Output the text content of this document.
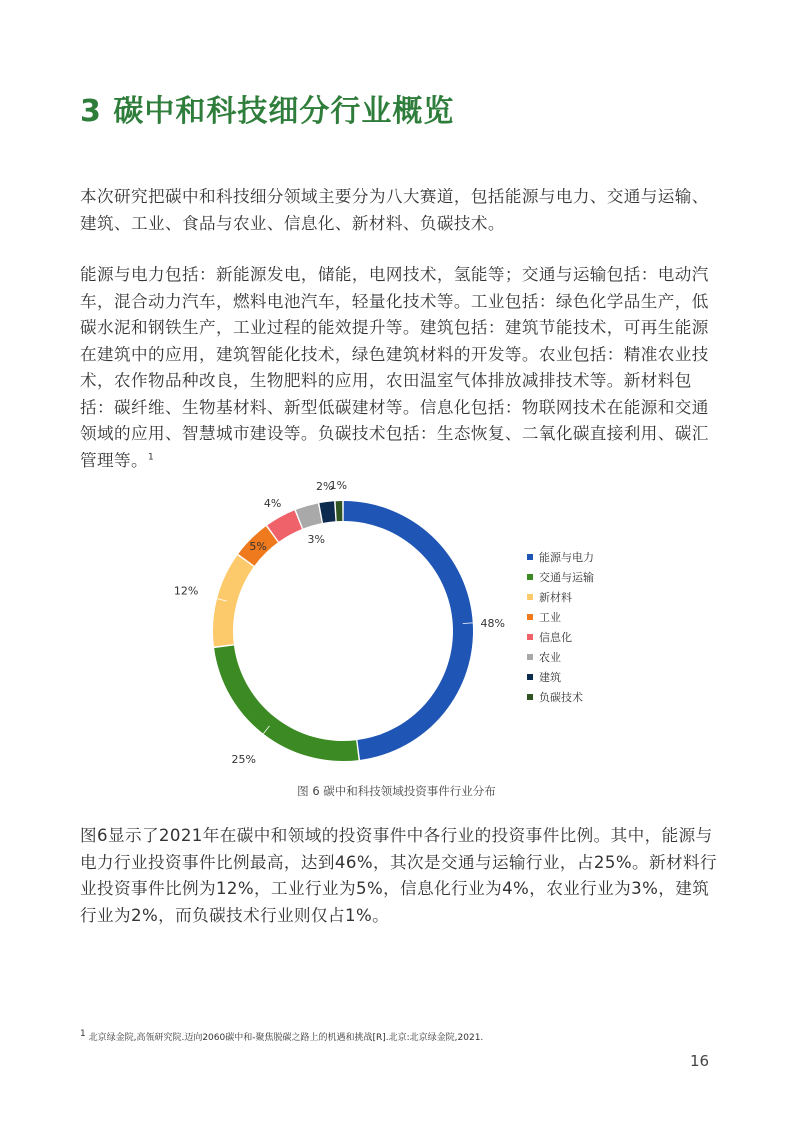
3 碳中和科技细分行业概览
本次研究把碳中和科技细分领域主要分为八大赛道，包括能源与电力、交通与运输、建筑、工业、食品与农业、信息化、新材料、负碳技术。
能源与电力包括：新能源发电，储能，电网技术，氢能等；交通与运输包括：电动汽车，混合动力汽车，燃料电池汽车，轻量化技术等。工业包括：绿色化学品生产，低碳水泥和钢铁生产，工业过程的能效提升等。建筑包括：建筑节能技术，可再生能源在建筑中的应用，建筑智能化技术，绿色建筑材料的开发等。农业包括：精准农业技术，农作物品种改良，生物肥料的应用，农田温室气体排放减排技术等。新材料包括：碳纤维、生物基材料、新型低碳建材等。信息化包括：物联网技术在能源和交通领域的应用、智慧城市建设等。负碳技术包括：生态恢复、二氧化碳直接利用、碳汇管理等。$^1$
48%
25%
12%
5%
4%
3%
2%
1%
能源与电力
交通与运输
新材料
工业
信息化
农业
建筑
负碳技术
图 6 碳中和科技领域投资事件行业分布
图6显示了2021年在碳中和领域的投资事件中各行业的投资事件比例。其中，能源与电力行业投资事件比例最高，达到46%，其次是交通与运输行业，占25%。新材料行业投资事件比例为12%，工业行业为5%，信息化行业为4%，农业行业为3%，建筑行业为2%，而负碳技术行业则仅占1%。
$^1$ 北京绿金院,高瓴研究院.迈向2060碳中和-聚焦脱碳之路上的机遇和挑战[R].北京:北京绿金院,2021.
16
